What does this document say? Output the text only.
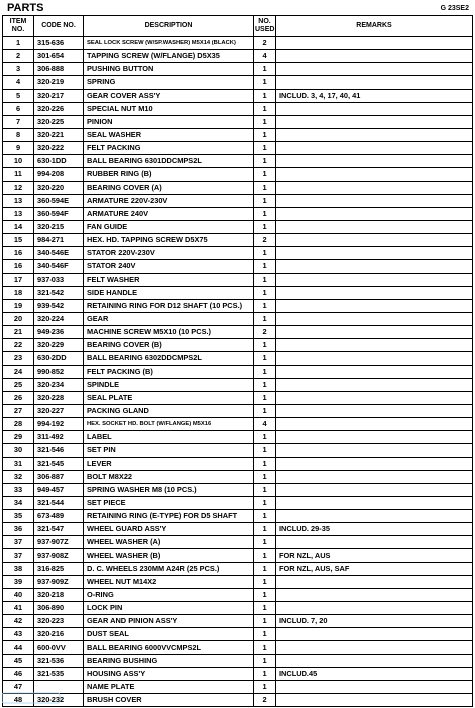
PARTS	G 23SE2
ITEM NO.	CODE NO.	DESCRIPTION	NO. USED	REMARKS
1	315-636	SEAL LOCK SCREW (W/SP.WASHER) M5X14 (BLACK)	2	
2	301-654	TAPPING SCREW (W/FLANGE) D5X35	4	
3	306-888	PUSHING BUTTON	1	
4	320-219	SPRING	1	
5	320-217	GEAR COVER ASS'Y	1	INCLUD. 3, 4, 17, 40, 41
6	320-226	SPECIAL NUT M10	1	
7	320-225	PINION	1	
8	320-221	SEAL WASHER	1	
9	320-222	FELT PACKING	1	
10	630-1DD	BALL BEARING 6301DDCMPS2L	1	
11	994-208	RUBBER RING (B)	1	
12	320-220	BEARING COVER (A)	1	
13	360-594E	ARMATURE 220V-230V	1	
13	360-594F	ARMATURE 240V	1	
14	320-215	FAN GUIDE	1	
15	984-271	HEX. HD. TAPPING SCREW D5X75	2	
16	340-546E	STATOR 220V-230V	1	
16	340-546F	STATOR 240V	1	
17	937-033	FELT WASHER	1	
18	321-542	SIDE HANDLE	1	
19	939-542	RETAINING RING FOR D12 SHAFT (10 PCS.)	1	
20	320-224	GEAR	1	
21	949-236	MACHINE SCREW M5X10 (10 PCS.)	2	
22	320-229	BEARING COVER (B)	1	
23	630-2DD	BALL BEARING 6302DDCMPS2L	1	
24	990-852	FELT PACKING (B)	1	
25	320-234	SPINDLE	1	
26	320-228	SEAL PLATE	1	
27	320-227	PACKING GLAND	1	
28	994-192	HEX. SOCKET HD. BOLT (W/FLANGE) M5X16	4	
29	311-492	LABEL	1	
30	321-546	SET PIN	1	
31	321-545	LEVER	1	
32	306-887	BOLT M8X22	1	
33	949-457	SPRING WASHER M8 (10 PCS.)	1	
34	321-544	SET PIECE	1	
35	673-489	RETAINING RING (E-TYPE) FOR D5 SHAFT	1	
36	321-547	WHEEL GUARD ASS'Y	1	INCLUD. 29-35
37	937-907Z	WHEEL WASHER (A)	1	
37	937-908Z	WHEEL WASHER (B)	1	FOR NZL, AUS
38	316-825	D. C. WHEELS 230MM A24R (25 PCS.)	1	FOR NZL, AUS, SAF
39	937-909Z	WHEEL NUT M14X2	1	
40	320-218	O-RING	1	
41	306-890	LOCK PIN	1	
42	320-223	GEAR AND PINION ASS'Y	1	INCLUD. 7, 20
43	320-216	DUST SEAL	1	
44	600-0VV	BALL BEARING 6000VVCMPS2L	1	
45	321-536	BEARING BUSHING	1	
46	321-535	HOUSING ASS'Y	1	INCLUD.45
47		NAME PLATE	1	
48	320-232	BRUSH COVER	2	
